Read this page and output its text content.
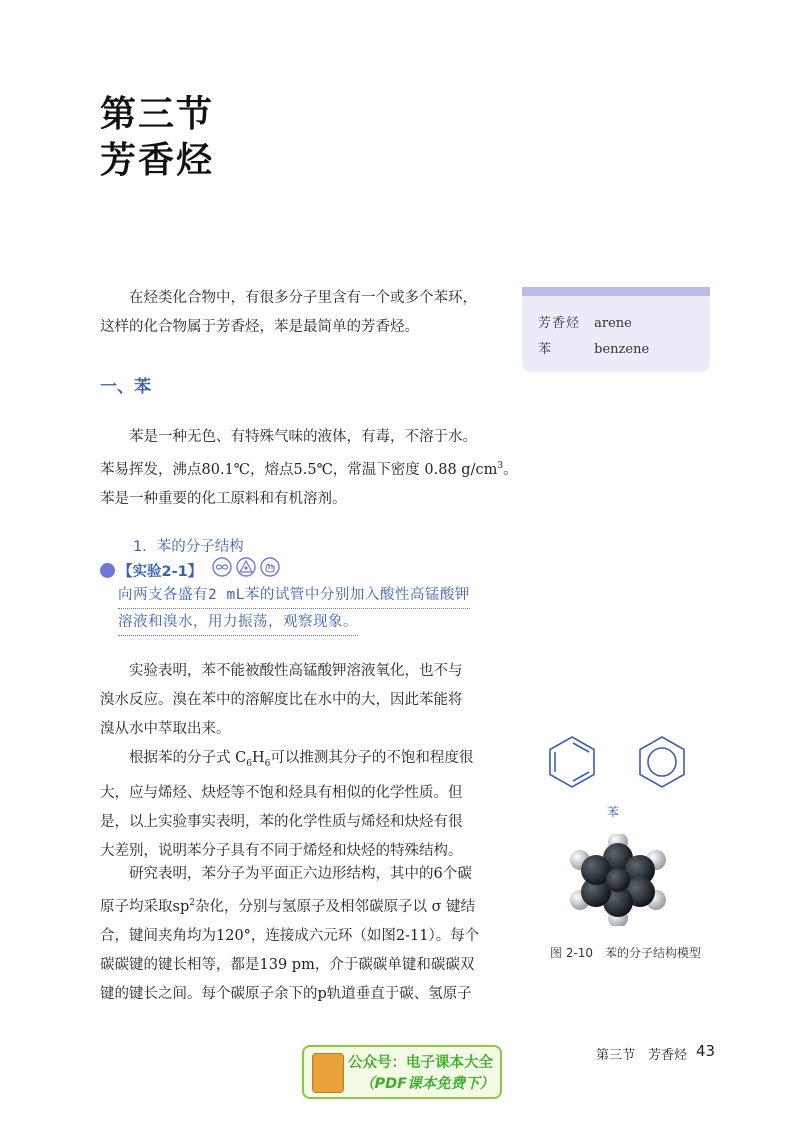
第三节
芳香烃

在烃类化合物中，有很多分子里含有一个或多个苯环，
这样的化合物属于芳香烃，苯是最简单的芳香烃。	芳香烃 arene
苯	benzene
一、苯

苯是一种无色、有特殊气味的液体，有毒，不溶于水。
苯易挥发，沸点80.1℃，熔点5.5℃，常温下密度 0.88 $g/cm^3$。
苯是一种重要的化工原料和有机溶剂。

1．苯的分子结构
【实验2-1】
向两支各盛有2 mL苯的试管中分别加入酸性高锰酸钾
溶液和溴水，用力振荡，观察现象。

实验表明，苯不能被酸性高锰酸钾溶液氧化，也不与
溴水反应。溴在苯中的溶解度比在水中的大，因此苯能将
溴从水中萃取出来。

根据苯的分子式 $C_6H_6$可以推测其分子的不饱和程度很
大，应与烯烃、炔烃等不饱和烃具有相似的化学性质。但
是，以上实验事实表明，苯的化学性质与烯烃和炔烃有很
大差别，说明苯分子具有不同于烯烃和炔烃的特殊结构。

研究表明，苯分子为平面正六边形结构，其中的6个碳
原子均采取$sp^2$杂化，分别与氢原子及相邻碳原子以 σ 键结
合，键间夹角均为120°，连接成六元环（如图2-11）。每个
碳碳键的键长相等，都是139 pm，介于碳碳单键和碳碳双
键的键长之间。每个碳原子余下的p轨道垂直于碳、氢原子

苯
图 2-10　苯的分子结构模型
公众号：电子课本大全
（PDF课本免费下）
第三节　芳香烃 43
